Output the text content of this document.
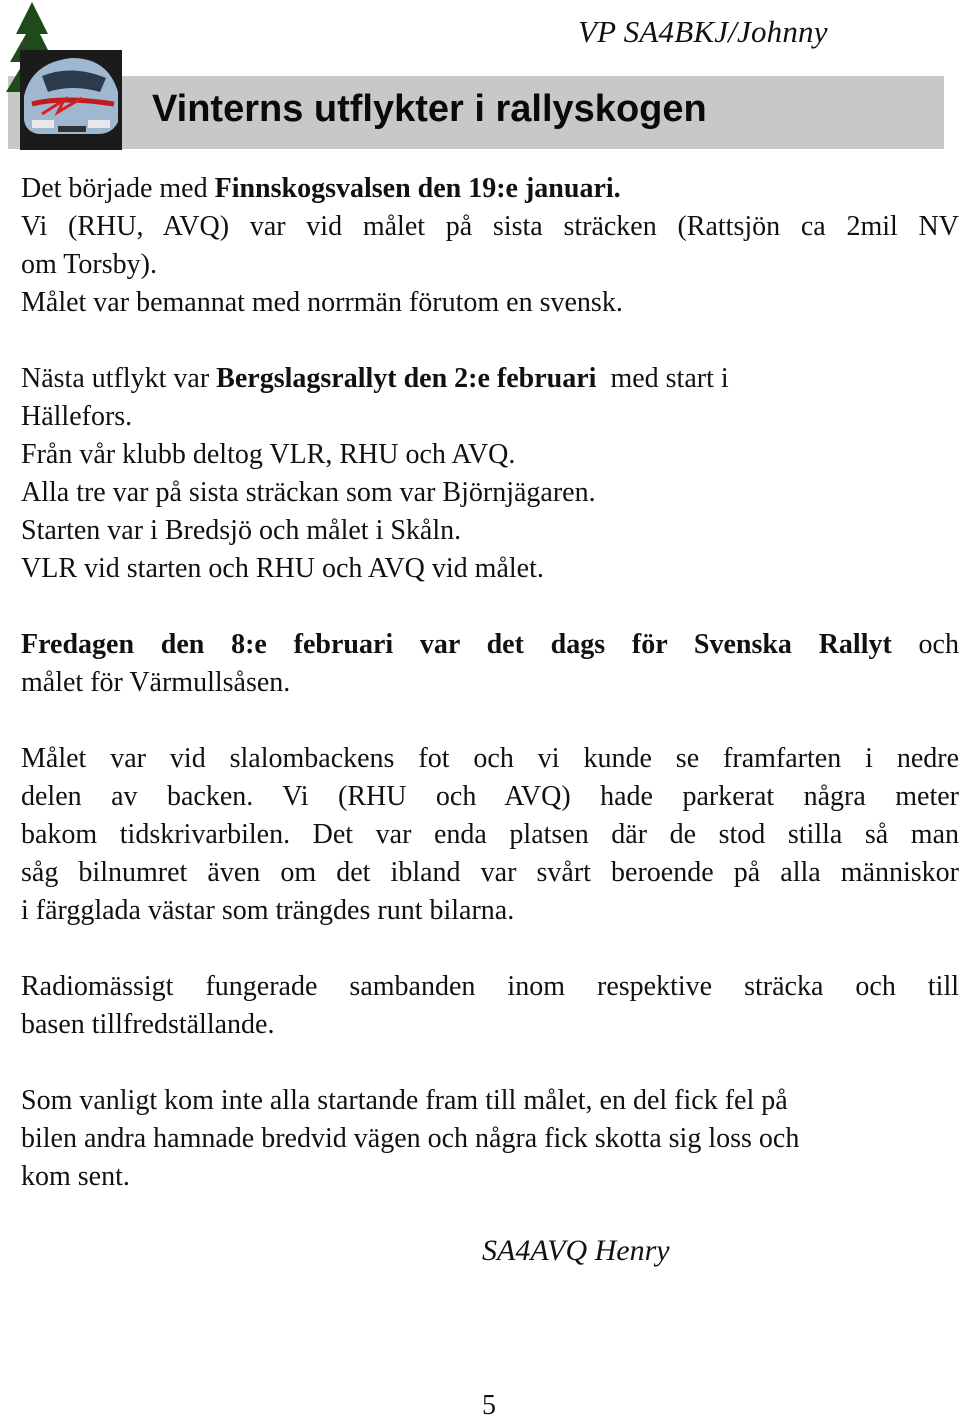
VP SA4BKJ/Johnny
Vinterns utflykter i rallyskogen
Det började med Finnskogsvalsen den 19:e januari.
Vi (RHU, AVQ) var vid målet på sista sträcken (Rattsjön ca 2mil NV
om Torsby).
Målet var bemannat med norrmän förutom en svensk.
Nästa utflykt var Bergslagsrallyt den 2:e februari  med start i
Hällefors.
Från vår klubb deltog VLR, RHU och AVQ.
Alla tre var på sista sträckan som var Björnjägaren.
Starten var i Bredsjö och målet i Skåln.
VLR vid starten och RHU och AVQ vid målet.
Fredagen den 8:e februari var det dags för Svenska Rallyt och
målet för Värmullsåsen.
Målet var vid slalombackens fot och vi kunde se framfarten i nedre
delen av backen. Vi (RHU och AVQ) hade parkerat några meter
bakom tidskrivarbilen. Det var enda platsen där de stod stilla så man
såg bilnumret även om det ibland var svårt beroende på alla människor
i färgglada västar som trängdes runt bilarna.
Radiomässigt fungerade sambanden inom respektive sträcka och till
basen tillfredställande.
Som vanligt kom inte alla startande fram till målet, en del fick fel på
bilen andra hamnade bredvid vägen och några fick skotta sig loss och
kom sent.
SA4AVQ Henry
5
